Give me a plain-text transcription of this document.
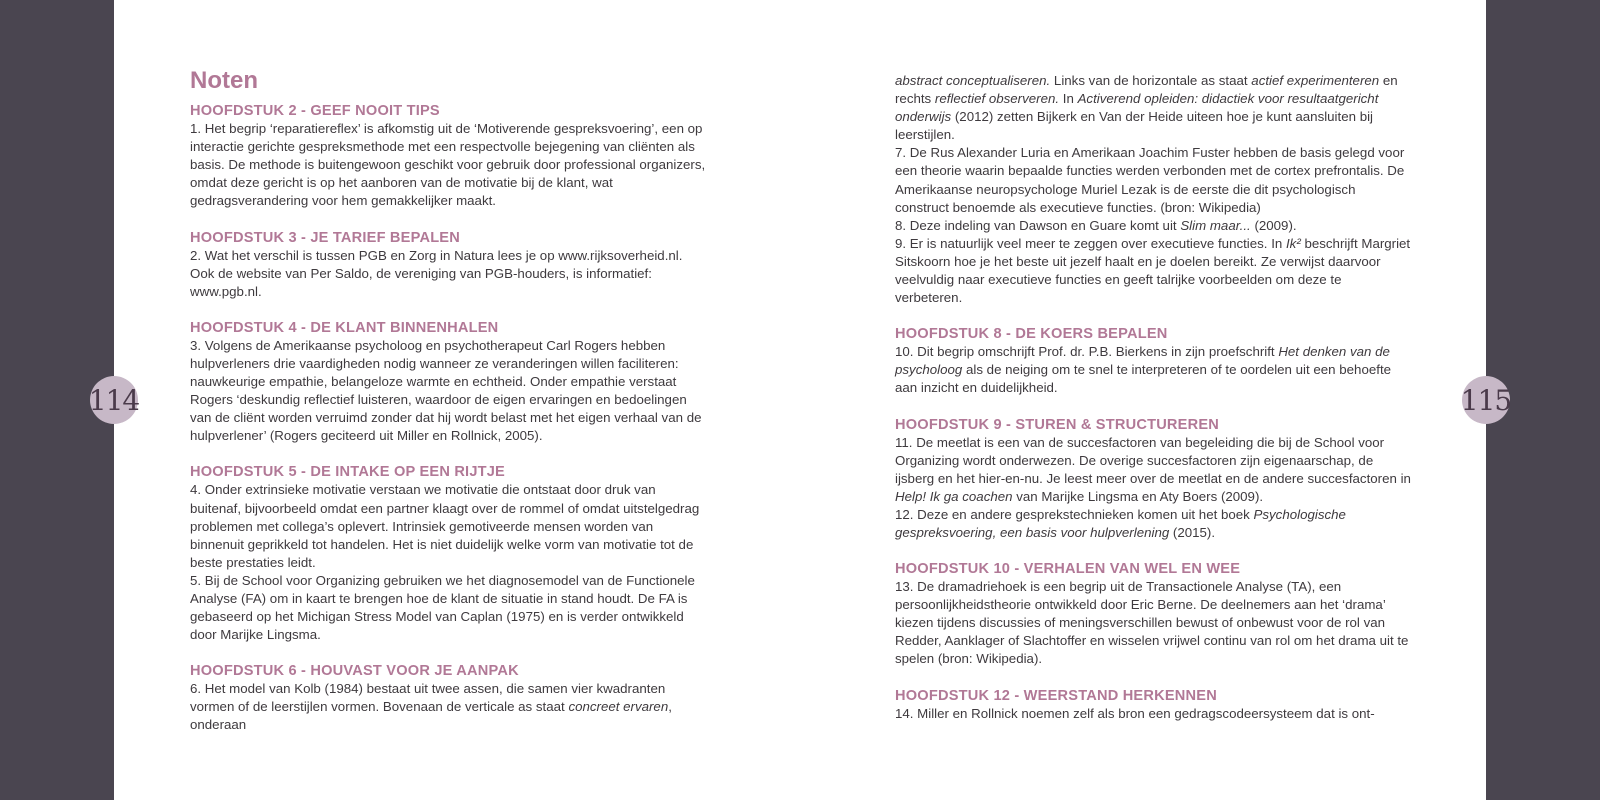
114	115
Noten
HOOFDSTUK 2 - GEEF NOOIT TIPS

1. Het begrip ‘reparatiereflex’ is afkomstig uit de ‘Motiverende gespreksvoering’, een op interactie gerichte gespreksmethode met een respectvolle bejegening van cliënten als basis. De methode is buitengewoon geschikt voor gebruik door professional organizers, omdat deze gericht is op het aanboren van de motivatie bij de klant, wat gedragsverandering voor hem gemakkelijker maakt.

HOOFDSTUK 3 - JE TARIEF BEPALEN

2. Wat het verschil is tussen PGB en Zorg in Natura lees je op www.rijksoverheid.nl. Ook de website van Per Saldo, de vereniging van PGB-houders, is informatief: www.pgb.nl.

HOOFDSTUK 4 - DE KLANT BINNENHALEN

3. Volgens de Amerikaanse psycholoog en psychotherapeut Carl Rogers hebben hulpverleners drie vaardigheden nodig wanneer ze veranderingen willen faciliteren: nauwkeurige empathie, belangeloze warmte en echtheid. Onder empathie verstaat Rogers ‘deskundig reflectief luisteren, waardoor de eigen ervaringen en bedoelingen van de cliënt worden verruimd zonder dat hij wordt belast met het eigen verhaal van de hulpverlener’ (Rogers geciteerd uit Miller en Rollnick, 2005).

HOOFDSTUK 5 - DE INTAKE OP EEN RIJTJE

4. Onder extrinsieke motivatie verstaan we motivatie die ontstaat door druk van buitenaf, bijvoorbeeld omdat een partner klaagt over de rommel of omdat uitstelgedrag problemen met collega’s oplevert. Intrinsiek gemotiveerde mensen worden van binnenuit geprikkeld tot handelen. Het is niet duidelijk welke vorm van motivatie tot de beste prestaties leidt.

5. Bij de School voor Organizing gebruiken we het diagnosemodel van de Functionele Analyse (FA) om in kaart te brengen hoe de klant de situatie in stand houdt. De FA is gebaseerd op het Michigan Stress Model van Caplan (1975) en is verder ontwikkeld door Marijke Lingsma.

HOOFDSTUK 6 - HOUVAST VOOR JE AANPAK

6. Het model van Kolb (1984) bestaat uit twee assen, die samen vier kwadranten vormen of de leerstijlen vormen. Bovenaan de verticale as staat concreet ervaren, onderaan

abstract conceptualiseren. Links van de horizontale as staat actief experimenteren en rechts reflectief observeren. In Activerend opleiden: didactiek voor resultaatgericht onderwijs (2012) zetten Bijkerk en Van der Heide uiteen hoe je kunt aansluiten bij leerstijlen.

7. De Rus Alexander Luria en Amerikaan Joachim Fuster hebben de basis gelegd voor een theorie waarin bepaalde functies werden verbonden met de cortex prefrontalis. De Amerikaanse neuropsychologe Muriel Lezak is de eerste die dit psychologisch construct benoemde als executieve functies. (bron: Wikipedia)

8. Deze indeling van Dawson en Guare komt uit Slim maar... (2009).

9. Er is natuurlijk veel meer te zeggen over executieve functies. In Ik² beschrijft Margriet Sitskoorn hoe je het beste uit jezelf haalt en je doelen bereikt. Ze verwijst daarvoor veelvuldig naar executieve functies en geeft talrijke voorbeelden om deze te verbeteren.

HOOFDSTUK 8 - DE KOERS BEPALEN

10. Dit begrip omschrijft Prof. dr. P.B. Bierkens in zijn proefschrift Het denken van de psycholoog als de neiging om te snel te interpreteren of te oordelen uit een behoefte aan inzicht en duidelijkheid.

HOOFDSTUK 9 - STUREN & STRUCTUREREN

11. De meetlat is een van de succesfactoren van begeleiding die bij de School voor Organizing wordt onderwezen. De overige succesfactoren zijn eigenaarschap, de ijsberg en het hier-en-nu. Je leest meer over de meetlat en de andere succesfactoren in Help! Ik ga coachen van Marijke Lingsma en Aty Boers (2009).

12. Deze en andere gesprekstechnieken komen uit het boek Psychologische gespreksvoering, een basis voor hulpverlening (2015).

HOOFDSTUK 10 - VERHALEN VAN WEL EN WEE

13. De dramadriehoek is een begrip uit de Transactionele Analyse (TA), een persoonlijkheidstheorie ontwikkeld door Eric Berne. De deelnemers aan het ‘drama’ kiezen tijdens discussies of meningsverschillen bewust of onbewust voor de rol van Redder, Aanklager of Slachtoffer en wisselen vrijwel continu van rol om het drama uit te spelen (bron: Wikipedia).

HOOFDSTUK 12 - WEERSTAND HERKENNEN

14. Miller en Rollnick noemen zelf als bron een gedragscodeersysteem dat is ont-
